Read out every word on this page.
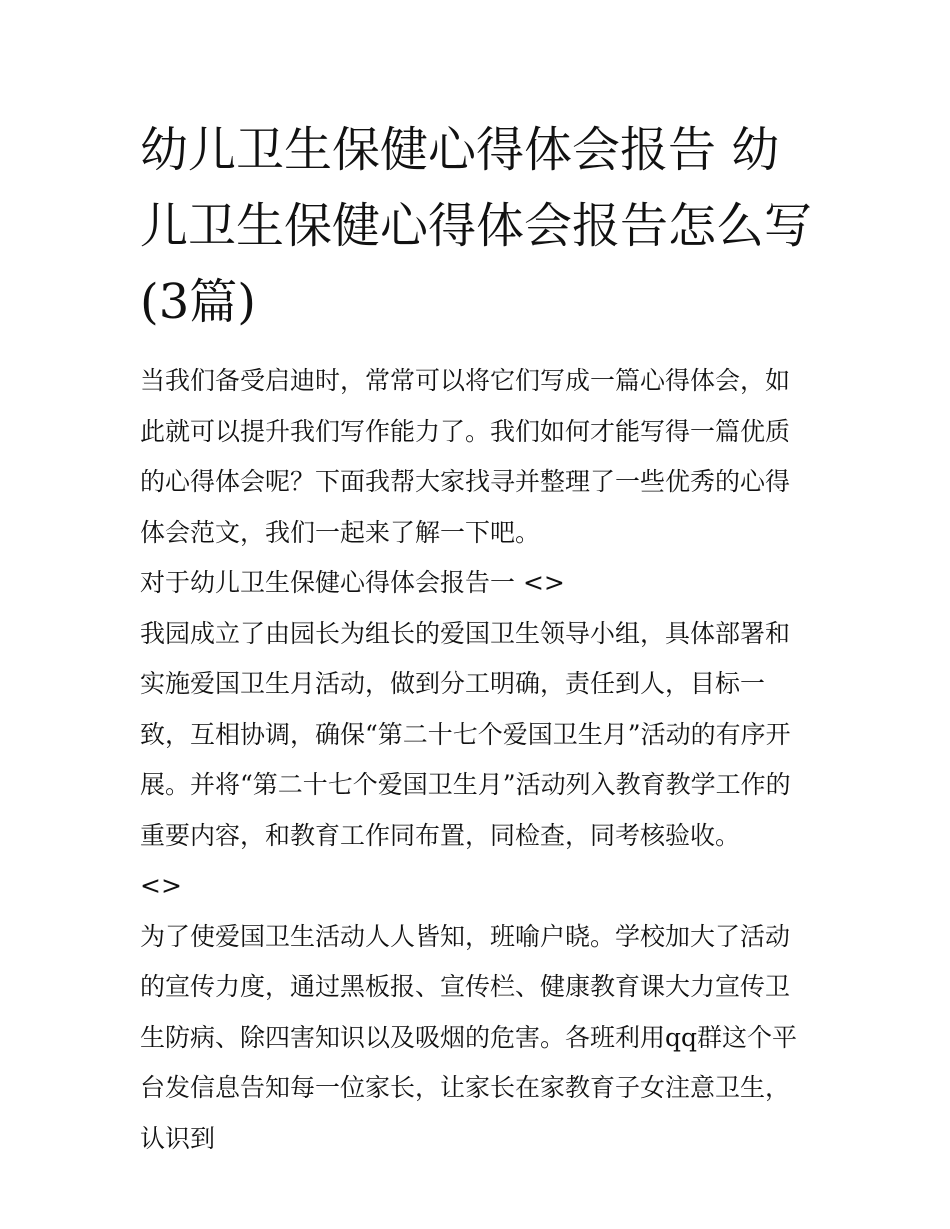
幼儿卫生保健心得体会报告 幼儿卫生保健心得体会报告怎么写(3篇)

当我们备受启迪时，常常可以将它们写成一篇心得体会，如此就可以提升我们写作能力了。我们如何才能写得一篇优质的心得体会呢？下面我帮大家找寻并整理了一些优秀的心得体会范文，我们一起来了解一下吧。

对于幼儿卫生保健心得体会报告一 <>

我园成立了由园长为组长的爱国卫生领导小组，具体部署和实施爱国卫生月活动，做到分工明确，责任到人，目标一致，互相协调，确保“第二十七个爱国卫生月”活动的有序开展。并将“第二十七个爱国卫生月”活动列入教育教学工作的重要内容，和教育工作同布置，同检查，同考核验收。

<>

为了使爱国卫生活动人人皆知，班喻户晓。学校加大了活动的宣传力度，通过黑板报、宣传栏、健康教育课大力宣传卫生防病、除四害知识以及吸烟的危害。各班利用qq群这个平台发信息告知每一位家长，让家长在家教育子女注意卫生，认识到
